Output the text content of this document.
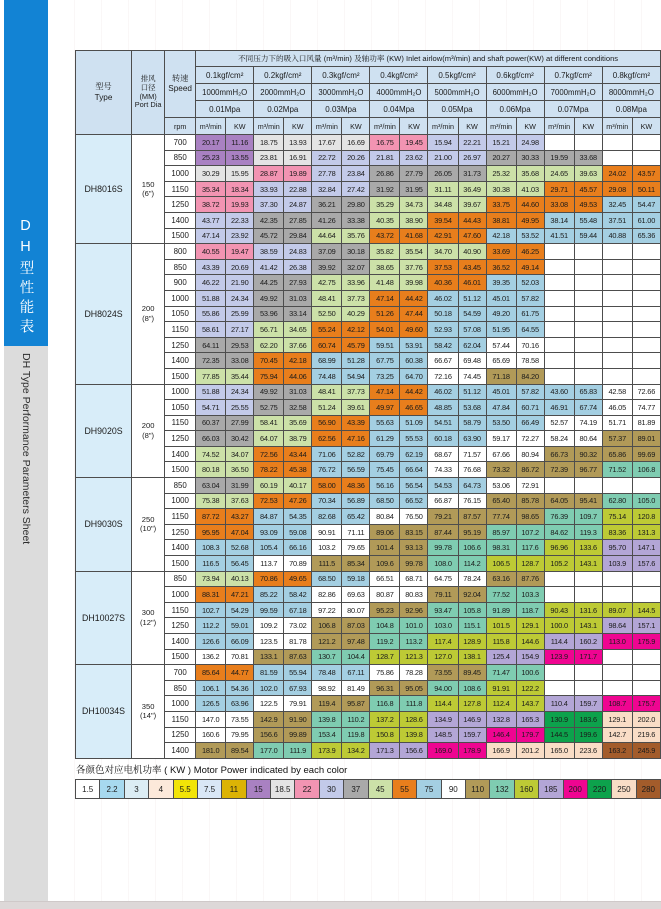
DH型性能表
DH Type Performance Parameters Sheet
型号
Type	排风
口径
(MM)
Port Dia	转速
Speed	不同压力下的吸入口风量 (m³/min) 及轴功率 (KW) Inlet airlow(m³/min) and shaft power(KW) at different conditions															
			0.1kgf/cm²		0.2kgf/cm²		0.3kgf/cm²		0.4kgf/cm²		0.5kgf/cm²		0.6kgf/cm²		0.7kgf/cm²		0.8kgf/cm²	
			1000mmH₂O		2000mmH₂O		3000mmH₂O		4000mmH₂O		5000mmH₂O		6000mmH₂O		7000mmH₂O		8000mmH₂O	
			0.01Mpa		0.02Mpa		0.03Mpa		0.04Mpa		0.05Mpa		0.06Mpa		0.07Mpa		0.08Mpa	
		rpm	m³/min	KW	m³/min	KW	m³/min	KW	m³/min	KW	m³/min	KW	m³/min	KW	m³/min	KW	m³/min	KW
DH8016S	150
(6")	700	20.17	11.16	18.75	13.93	17.67	16.69	16.75	19.45	15.94	22.21	15.21	24.98				
		850	25.23	13.55	23.81	16.91	22.72	20.26	21.81	23.62	21.00	26.97	20.27	30.33	19.59	33.68		
		1000	30.29	15.95	28.87	19.89	27.78	23.84	26.86	27.79	26.05	31.73	25.32	35.68	24.65	39.63	24.02	43.57
		1150	35.34	18.34	33.93	22.88	32.84	27.42	31.92	31.95	31.11	36.49	30.38	41.03	29.71	45.57	29.08	50.11
		1250	38.72	19.93	37.30	24.87	36.21	29.80	35.29	34.73	34.48	39.67	33.75	44.60	33.08	49.53	32.45	54.47
		1400	43.77	22.33	42.35	27.85	41.26	33.38	40.35	38.90	39.54	44.43	38.81	49.95	38.14	55.48	37.51	61.00
		1500	47.14	23.92	45.72	29.84	44.64	35.76	43.72	41.68	42.91	47.60	42.18	53.52	41.51	59.44	40.88	65.36
DH8024S	200
(8")	800	40.55	19.47	38.59	24.83	37.09	30.18	35.82	35.54	34.70	40.90	33.69	46.25				
		850	43.39	20.69	41.42	26.38	39.92	32.07	38.65	37.76	37.53	43.45	36.52	49.14				
		900	46.22	21.90	44.25	27.93	42.75	33.96	41.48	39.98	40.36	46.01	39.35	52.03				
		1000	51.88	24.34	49.92	31.03	48.41	37.73	47.14	44.42	46.02	51.12	45.01	57.82				
		1050	55.86	25.99	53.96	33.14	52.50	40.29	51.26	47.44	50.18	54.59	49.20	61.75				
		1150	58.61	27.17	56.71	34.65	55.24	42.12	54.01	49.60	52.93	57.08	51.95	64.55				
		1250	64.11	29.53	62.20	37.66	60.74	45.79	59.51	53.91	58.42	62.04	57.44	70.16				
		1400	72.35	33.08	70.45	42.18	68.99	51.28	67.75	60.38	66.67	69.48	65.69	78.58				
		1500	77.85	35.44	75.94	44.06	74.48	54.94	73.25	64.70	72.16	74.45	71.18	84.20				
DH9020S	200
(8")	1000	51.88	24.34	49.92	31.03	48.41	37.73	47.14	44.42	46.02	51.12	45.01	57.82	43.60	65.83	42.58	72.66
		1050	54.71	25.55	52.75	32.58	51.24	39.61	49.97	46.65	48.85	53.68	47.84	60.71	46.91	67.74	46.05	74.77
		1150	60.37	27.99	58.41	35.69	56.90	43.39	55.63	51.09	54.51	58.79	53.50	66.49	52.57	74.19	51.71	81.89
		1250	66.03	30.42	64.07	38.79	62.56	47.16	61.29	55.53	60.18	63.90	59.17	72.27	58.24	80.64	57.37	89.01
		1400	74.52	34.07	72.56	43.44	71.06	52.82	69.79	62.19	68.67	71.57	67.66	80.94	66.73	90.32	65.86	99.69
		1500	80.18	36.50	78.22	45.38	76.72	56.59	75.45	66.64	74.33	76.68	73.32	86.72	72.39	96.77	71.52	106.8
DH9030S	250
(10")	850	63.04	31.99	60.19	40.17	58.00	48.36	56.16	56.54	54.53	64.73	53.06	72.91				
		1000	75.38	37.63	72.53	47.26	70.34	56.89	68.50	66.52	66.87	76.15	65.40	85.78	64.05	95.41	62.80	105.0
		1150	87.72	43.27	84.87	54.35	82.68	65.42	80.84	76.50	79.21	87.57	77.74	98.65	76.39	109.7	75.14	120.8
		1250	95.95	47.04	93.09	59.08	90.91	71.11	89.06	83.15	87.44	95.19	85.97	107.2	84.62	119.3	83.36	131.3
		1400	108.3	52.68	105.4	66.16	103.2	79.65	101.4	93.13	99.78	106.6	98.31	117.6	96.96	133.6	95.70	147.1
		1500	116.5	56.45	113.7	70.89	111.5	85.34	109.6	99.78	108.0	114.2	106.5	128.7	105.2	143.1	103.9	157.6
DH10027S	300
(12")	850	73.94	40.13	70.86	49.65	68.50	59.18	66.51	68.71	64.75	78.24	63.16	87.76				
		1000	88.31	47.21	85.22	58.42	82.86	69.63	80.87	80.83	79.11	92.04	77.52	103.3				
		1150	102.7	54.29	99.59	67.18	97.22	80.07	95.23	92.96	93.47	105.8	91.89	118.7	90.43	131.6	89.07	144.5
		1250	112.2	59.01	109.2	73.02	106.8	87.03	104.8	101.0	103.0	115.1	101.5	129.1	100.0	143.1	98.64	157.1
		1400	126.6	66.09	123.5	81.78	121.2	97.48	119.2	113.2	117.4	128.9	115.8	144.6	114.4	160.2	113.0	175.9
		1500	136.2	70.81	133.1	87.63	130.7	104.4	128.7	121.3	127.0	138.1	125.4	154.9	123.9	171.7		
DH10034S	350
(14")	700	85.64	44.77	81.59	55.94	78.48	67.11	75.86	78.28	73.55	89.45	71.47	100.6				
		850	106.1	54.36	102.0	67.93	98.92	81.49	96.31	95.05	94.00	108.6	91.91	122.2				
		1000	126.5	63.96	122.5	79.91	119.4	95.87	116.8	111.8	114.4	127.8	112.4	143.7	110.4	159.7	108.7	175.7
		1150	147.0	73.55	142.9	91.90	139.8	110.2	137.2	128.6	134.9	146.9	132.8	165.3	130.9	183.6	129.1	202.0
		1250	160.6	79.95	156.6	99.89	153.4	119.8	150.8	139.8	148.5	159.7	146.4	179.7	144.5	199.6	142.7	219.6
		1400	181.0	89.54	177.0	111.9	173.9	134.2	171.3	156.6	169.0	178.9	166.9	201.2	165.0	223.6	163.2	245.9
各颜色对应电机功率 ( KW ) Motor Power indicated by each color
1.5	2.2	3	4	5.5	7.5	11	15	18.5	22	30	37	45	55	75	90	110	132	160	185	200	220	250	280
